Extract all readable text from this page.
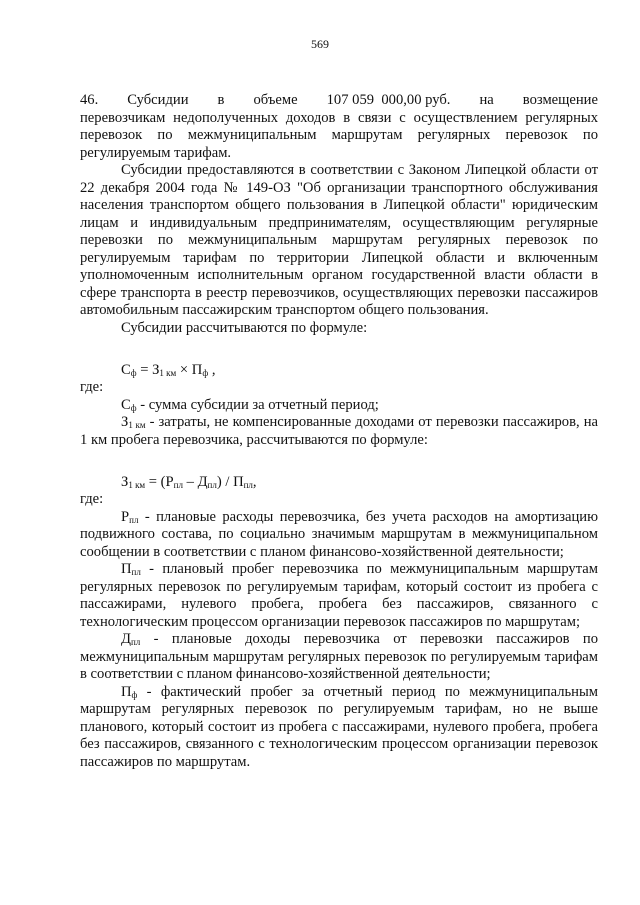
569
46. Субсидии в объеме 107 059 000,00 руб. на возмещение

перевозчикам недополученных доходов в связи с осуществлением регулярных перевозок по межмуниципальным маршрутам регулярных перевозок по регулируемым тарифам.

Субсидии предоставляются в соответствии с Законом Липецкой области от 22 декабря 2004 года № 149-ОЗ "Об организации транспортного обслуживания населения транспортом общего пользования в Липецкой области" юридическим лицам и индивидуальным предпринимателям, осуществляющим регулярные перевозки по межмуниципальным маршрутам регулярных перевозок по регулируемым тарифам по территории Липецкой области и включенным уполномоченным исполнительным органом государственной власти области в сфере транспорта в реестр перевозчиков, осуществляющих перевозки пассажиров автомобильным пассажирским транспортом общего пользования.

Субсидии рассчитываются по формуле:

$С_ф = З_{1 км} \times П_ф$ ,

где:

$С_ф$ - сумма субсидии за отчетный период;

$З_{1 км}$ - затраты, не компенсированные доходами от перевозки пассажиров, на 1 км пробега перевозчика, рассчитываются по формуле:

$З_{1 км} = (Р_{пл} - Д_{пл}) / П_{пл}$,

где:

$Р_{пл}$ - плановые расходы перевозчика, без учета расходов на амортизацию подвижного состава, по социально значимым маршрутам в межмуниципальном сообщении в соответствии с планом финансово-хозяйственной деятельности;

$П_{пл}$ - плановый пробег перевозчика по межмуниципальным маршрутам регулярных перевозок по регулируемым тарифам, который состоит из пробега с пассажирами, нулевого пробега, пробега без пассажиров, связанного с технологическим процессом организации перевозок пассажиров по маршрутам;

$Д_{пл}$ - плановые доходы перевозчика от перевозки пассажиров по межмуниципальным маршрутам регулярных перевозок по регулируемым тарифам в соответствии с планом финансово-хозяйственной деятельности;

$П_ф$ - фактический пробег за отчетный период по межмуниципальным маршрутам регулярных перевозок по регулируемым тарифам, но не выше планового, который состоит из пробега с пассажирами, нулевого пробега, пробега без пассажиров, связанного с технологическим процессом организации перевозок пассажиров по маршрутам.
